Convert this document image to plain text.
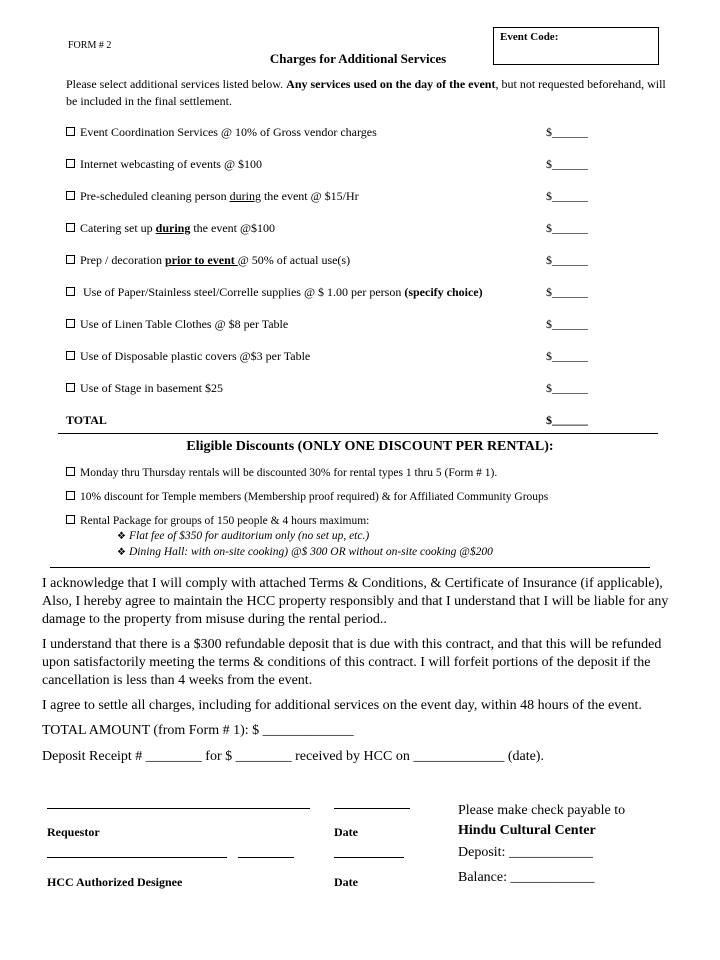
FORM # 2
Event Code:
Charges for Additional Services
Please select additional services listed below. Any services used on the day of the event, but not requested beforehand, will be included in the final settlement.
Event Coordination Services @ 10% of Gross vendor charges	$______
Internet webcasting of events @ $100	$______
Pre-scheduled cleaning person during the event @ $15/Hr	$______
Catering set up during the event @$100	$______
Prep / decoration prior to event @ 50% of actual use(s)	$______
Use of Paper/Stainless steel/Correlle supplies @ $ 1.00 per person (specify choice)	$______
Use of Linen Table Clothes @ $8 per Table	$______
Use of Disposable plastic covers @$3 per Table	$______
Use of Stage in basement $25	$______
TOTAL	$______
Eligible Discounts (ONLY ONE DISCOUNT PER RENTAL):
Monday thru Thursday rentals will be discounted 30% for rental types 1 thru 5 (Form # 1).
10% discount for Temple members (Membership proof required) & for Affiliated Community Groups
Rental Package for groups of 150 people & 4 hours maximum:
❖ Flat fee of $350 for auditorium only (no set up, etc.)
❖ Dining Hall: with on-site cooking) @$ 300 OR without on-site cooking @$200
I acknowledge that I will comply with attached Terms & Conditions, & Certificate of Insurance (if applicable), Also, I hereby agree to maintain the HCC property responsibly and that I understand that I will be liable for any damage to the property from misuse during the rental period..
I understand that there is a $300 refundable deposit that is due with this contract, and that this will be refunded upon satisfactorily meeting the terms & conditions of this contract. I will forfeit portions of the deposit if the cancellation is less than 4 weeks from the event.
I agree to settle all charges, including for additional services on the event day, within 48 hours of the event.
TOTAL AMOUNT (from Form # 1): $ _____________
Deposit Receipt # ________ for $ ________ received by HCC on _____________ (date).
Requestor	Date
HCC Authorized Designee	Date
Please make check payable to
Hindu Cultural Center
Deposit: ____________
Balance: ____________
